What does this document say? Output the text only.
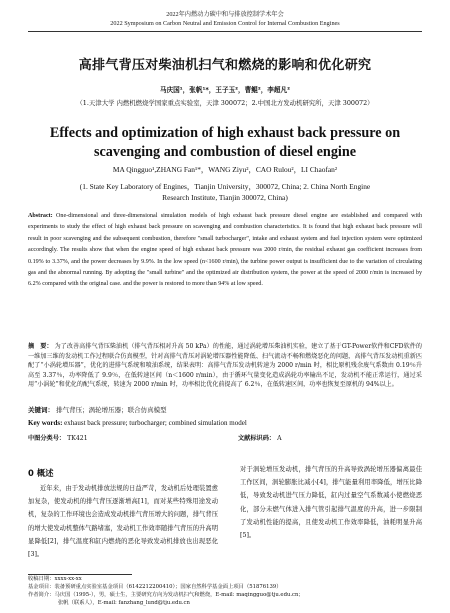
2022年内燃动力碳中和与排放控制学术年会
2022 Symposium on Carbon Neutral and Emission Control for Internal Combustion Engines
高排气背压对柴油机扫气和燃烧的影响和优化研究
马庆国¹，张帆¹*，王子玉²，曹鲲²，李超凡²
（1.天津大学 内燃机燃烧学国家重点实验室，天津 300072；2.中国北方发动机研究所，天津 300072）
Effects and optimization of high exhaust back pressure on
scavenging and combustion of diesel engine
MA Qingguo¹,ZHANG Fan¹*，WANG Ziyu²，CAO Rulou²，LI Chaofan²
(1. State Key Laboratory of Engines，Tianjin University，300072, China; 2. China North Engine
Research Institute, Tianjin 300072, China)
Abstract: One-dimensional and three-dimensional simulation models of high exhaust back pressure diesel engine are established and compared with experiments to study the effect of high exhaust back pressure on scavenging and combustion characteristics. It is found that high exhaust back pressure will result in poor scavenging and the subsequent combustion, therefore "small turbocharger", intake and exhaust system and fuel injection system were optimized accordingly. The results show that when the engine speed of high exhaust back pressure was 2000 r/min, the residual exhaust gas coefficient increases from 0.19% to 3.37%, and the power decreases by 9.9%. In the low speed (n<1600 r/min), the turbine power output is insufficient due to the variation of circulating gas and the abnormal running. By adopting the "small turbine" and the optimized air distribution system, the power at the speed of 2000 r/min is increased by 6.2% compared with the original case. and the power is restored to more than 94% at low speed.
摘　要： 为了改善高排气背压柴油机（排气背压相对升高 50 kPa）的性能，通过涡轮增压柴油机实验，建立了基于GT-Power软件和CFD软件的一维加三维的发动机工作过程联合仿真模型，针对高排气背压对涡轮增压器性能降低、扫气流动不畅和燃烧恶化的问题，高排气背压发动机重新匹配了“小涡轮增压器”，优化的进排气系统和喷油系统，结果表明：高排气背压发动机转速为 2000 r/min 时，相比原机残余废气系数由 0.19％升高至 3.37％，功率降低了 9.9％，在低转速区间（n＜1600 r/min），由于循环气量变化造成涡轮功率输出不足，发动机不能正常运行，通过采用“小涡轮”和优化的配气系统，转速为 2000 r/min 时，功率相比优化前提高了 6.2％，在低转速区间，功率也恢复至原机的 94%以上。
关键词： 排气背压；涡轮增压器；联合仿真模型
Key words: exhaust back pressure; turbocharger; combined simulation model
中图分类号： TK421	文献标识码： A
0 概述
近年来，由于发动机排放法规的日益严苛，发动机后处理装置愈加复杂，使发动机的排气背压逐渐增高[1]，而对某些特殊用途发动机，复杂的工作环境也会造成发动机排气背压增大的问题，排气背压的增大使发动机整体气路堵塞，发动机工作效率随排气背压的升高明显降低[2]，排气温度和缸内燃烧的恶化导致发动机排放也出现恶化[3]。
对于涡轮增压发动机，排气背压的升高导致涡轮增压器偏离最佳工作区间，涡轮膨胀比减小[4]，排气能量利用率降低，增压比降低，导致发动机进气压力降低，缸内过量空气系数减小使燃烧恶化，部分未燃气体进入排气管引起排气温度的升高，进一步限制了发动机性能的提高，且使发动机工作效率降低，油耗明显升高[5]。
收稿日期：xxxx-xx-xx
基金项目：装备预研重点实验室基金项目（6142212200410）；国家自然科学基金面上项目（51876139）
作者简介：马庆国（1995-），男，硕士生，主要研究方向为发动机扫气和燃烧，E-mail: maqingguo@tju.edu.cn；
张帆（联系人），E-mail: fanzhang_lund@tju.edu.cn
